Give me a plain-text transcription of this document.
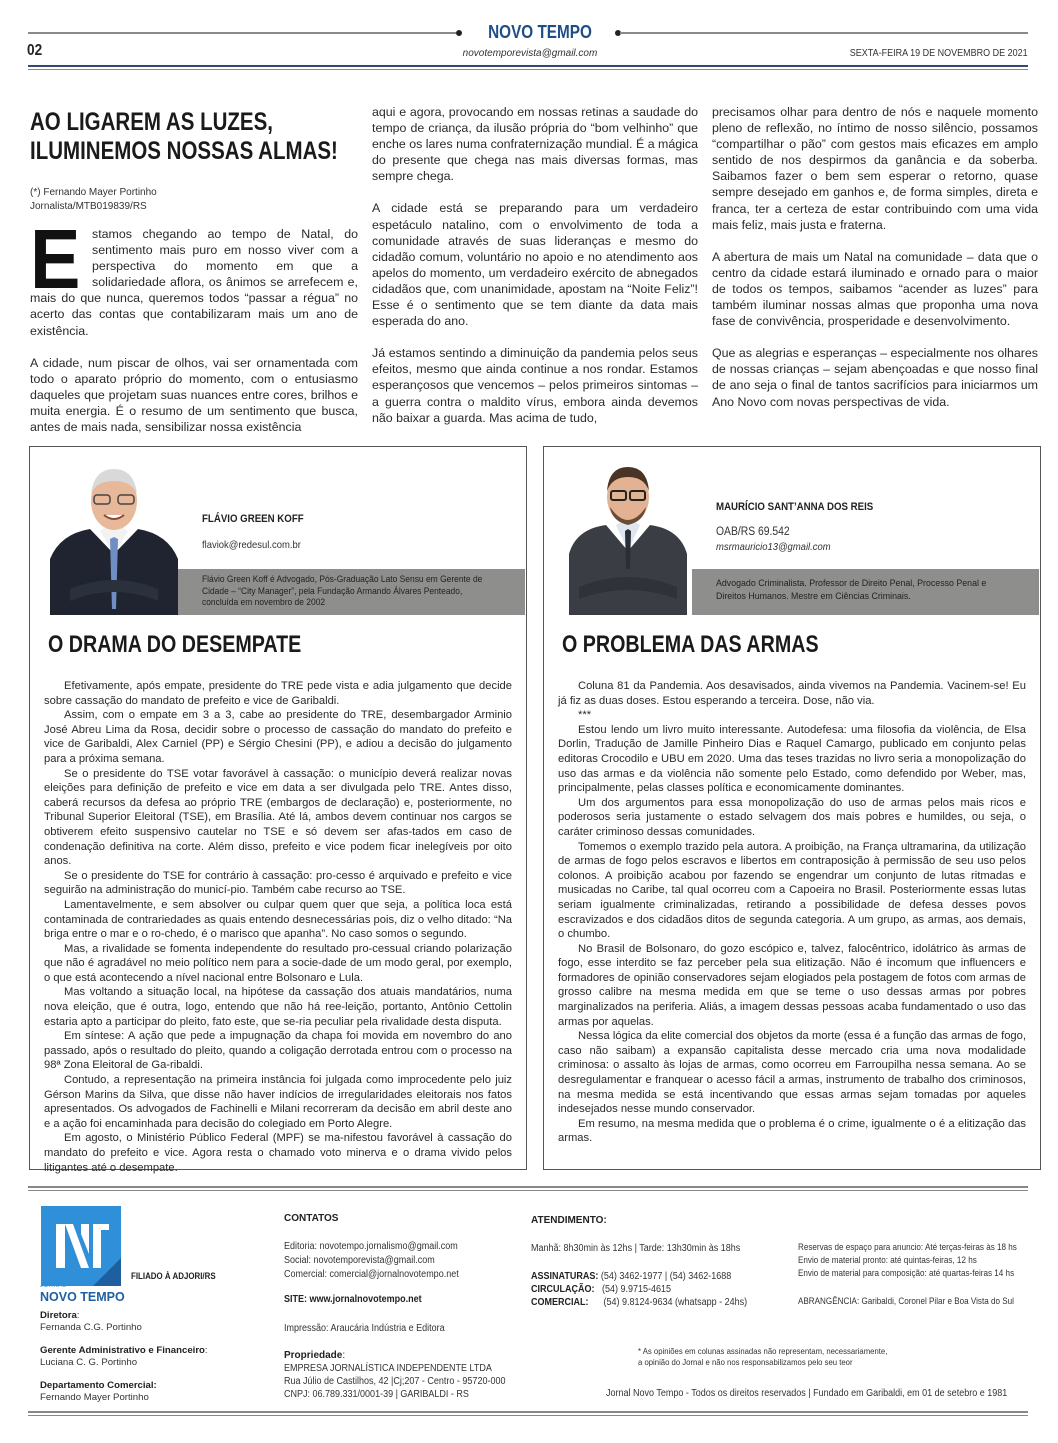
NOVO TEMPO
02	novotemporevista@gmail.com	SEXTA-FEIRA 19 DE NOVEMBRO DE 2021
AO LIGAREM AS LUZES,
ILUMINEMOS NOSSAS ALMAS!
(*) Fernando Mayer Portinho
Jornalista/MTB019839/RS

Estamos chegando ao tempo de Natal, do sentimento mais puro em nosso viver com a perspectiva do momento em que a solidariedade aflora, os ânimos se arrefecem e, mais do que nunca, queremos todos “passar a régua” no acerto das contas que contabilizaram mais um ano de existência.

A cidade, num piscar de olhos, vai ser ornamentada com todo o aparato próprio do momento, com o entusiasmo daqueles que projetam suas nuances entre cores, brilhos e muita energia. É o resumo de um sentimento que busca, antes de mais nada, sensibilizar nossa existência

aqui e agora, provocando em nossas retinas a saudade do tempo de criança, da ilusão própria do “bom velhinho” que enche os lares numa confraternização mundial. É a mágica do presente que chega nas mais diversas formas, mas sempre chega.

A cidade está se preparando para um verdadeiro espetáculo natalino, com o envolvimento de toda a comunidade através de suas lideranças e mesmo do cidadão comum, voluntário no apoio e no atendimento aos apelos do momento, um verdadeiro exército de abnegados cidadãos que, com unanimidade, apostam na “Noite Feliz”! Esse é o sentimento que se tem diante da data mais esperada do ano.

Já estamos sentindo a diminuição da pandemia pelos seus efeitos, mesmo que ainda continue a nos rondar. Estamos esperançosos que vencemos – pelos primeiros sintomas – a guerra contra o maldito vírus, embora ainda devemos não baixar a guarda. Mas acima de tudo,

precisamos olhar para dentro de nós e naquele momento pleno de reflexão, no íntimo de nosso silêncio, possamos “compartilhar o pão” com gestos mais eficazes em amplo sentido de nos despirmos da ganância e da soberba. Saibamos fazer o bem sem esperar o retorno, quase sempre desejado em ganhos e, de forma simples, direta e franca, ter a certeza de estar contribuindo com uma vida mais feliz, mais justa e fraterna.

A abertura de mais um Natal na comunidade – data que o centro da cidade estará iluminado e ornado para o maior de todos os tempos, saibamos “acender as luzes” para também iluminar nossas almas que proponha uma nova fase de convivência, prosperidade e desenvolvimento.

Que as alegrias e esperanças – especialmente nos olhares de nossas crianças – sejam abençoadas e que nosso final de ano seja o final de tantos sacrifícios para iniciarmos um Ano Novo com novas perspectivas de vida.

Flávio Green Koff é Advogado, Pós-Graduação Lato Sensu em Gerente de Cidade – “City Manager”, pela Fundação Armando Álvares Penteado, concluída em novembro de 2002
FLÁVIO GREEN KOFF
flaviok@redesul.com.br
O DRAMA DO DESEMPATE

Efetivamente, após empate, presidente do TRE pede vista e adia julgamento que decide sobre cassação do mandato de prefeito e vice de Garibaldi.

Assim, com o empate em 3 a 3, cabe ao presidente do TRE, desembargador Arminio José Abreu Lima da Rosa, decidir sobre o processo de cassação do mandato do prefeito e vice de Garibaldi, Alex Carniel (PP) e Sérgio Chesini (PP), e adiou a decisão do julgamento para a próxima semana.

Se o presidente do TSE votar favorável à cassação: o município deverá realizar novas eleições para definição de prefeito e vice em data a ser divulgada pelo TRE. Antes disso, caberá recursos da defesa ao próprio TRE (embargos de declaração) e, posteriormente, no Tribunal Superior Eleitoral (TSE), em Brasília. Até lá, ambos devem continuar nos cargos se obtiverem efeito suspensivo cautelar no TSE e só devem ser afas-tados em caso de condenação definitiva na corte. Além disso, prefeito e vice podem ficar inelegíveis por oito anos.

Se o presidente do TSE for contrário à cassação: pro-cesso é arquivado e prefeito e vice seguirão na administração do municí-pio. Também cabe recurso ao TSE.

Lamentavelmente, e sem absolver ou culpar quem quer que seja, a política loca está contaminada de contrariedades as quais entendo desnecessárias pois, diz o velho ditado: “Na briga entre o mar e o ro-chedo, é o marisco que apanha”. No caso somos o segundo.

Mas, a rivalidade se fomenta independente do resultado pro-cessual criando polarização que não é agradável no meio político nem para a socie-dade de um modo geral, por exemplo, o que está acontecendo a nível nacional entre Bolsonaro e Lula.

Mas voltando a situação local, na hipótese da cassação dos atuais mandatários, numa nova eleição, que é outra, logo, entendo que não há ree-leição, portanto, Antônio Cettolin estaria apto a participar do pleito, fato este, que se-ria peculiar pela rivalidade desta disputa.

Em síntese: A ação que pede a impugnação da chapa foi movida em novembro do ano passado, após o resultado do pleito, quando a coligação derrotada entrou com o processo na 98ª Zona Eleitoral de Ga-ribaldi.

Contudo, a representação na primeira instância foi julgada como improcedente pelo juiz Gérson Marins da Silva, que disse não haver indícios de irregularidades eleitorais nos fatos apresentados. Os advogados de Fachinelli e Milani recorreram da decisão em abril deste ano e a ação foi encaminhada para decisão do colegiado em Porto Alegre.

Em agosto, o Ministério Público Federal (MPF) se ma-nifestou favorável à cassação do mandato do prefeito e vice. Agora resta o chamado voto minerva e o drama vivido pelos litigantes até o desempate.

Advogado Criminalista. Professor de Direito Penal, Processo Penal e Direitos Humanos. Mestre em Ciências Criminais.
MAURÍCIO SANT’ANNA DOS REIS
OAB/RS 69.542
msrmauricio13@gmail.com
O PROBLEMA DAS ARMAS

Coluna 81 da Pandemia. Aos desavisados, ainda vivemos na Pandemia. Vacinem-se! Eu já fiz as duas doses. Estou esperando a terceira. Dose, não via.

***

Estou lendo um livro muito interessante. Autodefesa: uma filosofia da violência, de Elsa Dorlin, Tradução de Jamille Pinheiro Dias e Raquel Camargo, publicado em conjunto pelas editoras Crocodilo e UBU em 2020. Uma das teses trazidas no livro seria a monopolização do uso das armas e da violência não somente pelo Estado, como defendido por Weber, mas, principalmente, pelas classes política e economicamente dominantes.

Um dos argumentos para essa monopolização do uso de armas pelos mais ricos e poderosos seria justamente o estado selvagem dos mais pobres e humildes, ou seja, o caráter criminoso dessas comunidades.

Tomemos o exemplo trazido pela autora. A proibição, na França ultramarina, da utilização de armas de fogo pelos escravos e libertos em contraposição à permissão de seu uso pelos colonos. A proibição acabou por fazendo se engendrar um conjunto de lutas ritmadas e musicadas no Caribe, tal qual ocorreu com a Capoeira no Brasil. Posteriormente essas lutas seriam igualmente criminalizadas, retirando a possibilidade de defesa desses povos escravizados e dos cidadãos ditos de segunda categoria. A um grupo, as armas, aos demais, o chumbo.

No Brasil de Bolsonaro, do gozo escópico e, talvez, falocêntrico, idolátrico às armas de fogo, esse interdito se faz perceber pela sua elitização. Não é incomum que influencers e formadores de opinião conservadores sejam elogiados pela postagem de fotos com armas de grosso calibre na mesma medida em que se teme o uso dessas armas por pobres marginalizados na periferia. Aliás, a imagem dessas pessoas acaba fundamentado o uso das armas por aquelas.

Nessa lógica da elite comercial dos objetos da morte (essa é a função das armas de fogo, caso não saibam) a expansão capitalista desse mercado cria uma nova modalidade criminosa: o assalto às lojas de armas, como ocorreu em Farroupilha nessa semana. Ao se desregulamentar e franquear o acesso fácil a armas, instrumento de trabalho dos criminosos, na mesma medida se está incentivando que essas armas sejam tomadas por aqueles indesejados nesse mundo conservador.

Em resumo, na mesma medida que o problema é o crime, igualmente o é a elitização das armas.

JORNAL
NOVO TEMPO
FILIADO À ADJORI/RS
Diretora:
Fernanda C.G. Portinho
Gerente Administrativo e Financeiro:
Luciana C. G. Portinho
Departamento Comercial:
Fernando Mayer Portinho
CONTATOS
Editoria: novotempo.jornalismo@gmail.com
Social: novotemporevista@gmail.com
Comercial: comercial@jornalnovotempo.net
SITE: www.jornalnovotempo.net
Impressão: Araucária Indústria e Editora
Propriedade:
EMPRESA JORNALÍSTICA INDEPENDENTE LTDA
Rua Júlio de Castilhos, 42 |Cj;207 - Centro - 95720-000
CNPJ: 06.789.331/0001-39 | GARIBALDI - RS
ATENDIMENTO:
Manhã: 8h30min às 12hs | Tarde: 13h30min às 18hs
ASSINATURAS: (54) 3462-1977 | (54) 3462-1688
CIRCULAÇÃO: (54) 9.9715-4615
COMERCIAL: (54) 9.8124-9634 (whatsapp - 24hs)
Reservas de espaço para anuncio: Até terças-feiras às 18 hs
Envio de material pronto: até quintas-feiras, 12 hs
Envio de material para composição: até quartas-feiras 14 hs
ABRANGÊNCIA: Garibaldi, Coronel Pilar e Boa Vista do Sul
* As opiniões em colunas assinadas não representam, necessariamente,
a opinião do Jornal e não nos responsabilizamos pelo seu teor
Jornal Novo Tempo - Todos os direitos reservados | Fundado em Garibaldi, em 01 de setebro e 1981
